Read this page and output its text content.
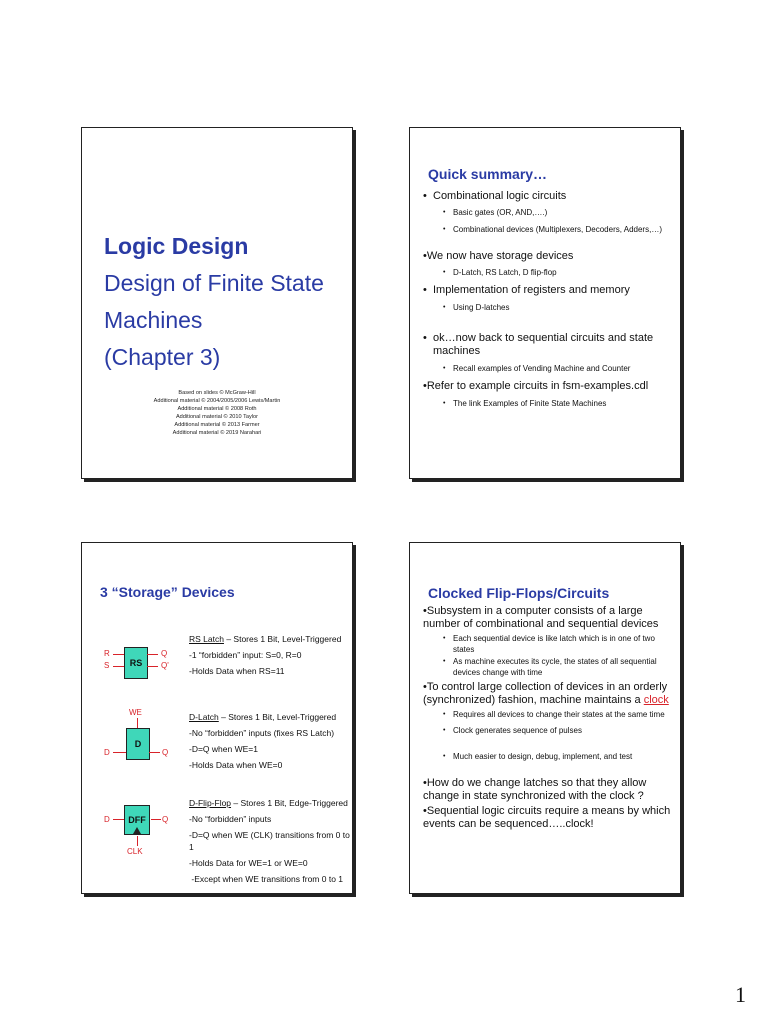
Logic Design
Design of Finite State
Machines
(Chapter 3)
Based on slides © McGraw-Hill
Additional material © 2004/2005/2006 Lewis/Martin
Additional material © 2008 Roth
Additional material © 2010 Taylor
Additional material © 2013 Farmer
Additional material © 2019 Narahari
Quick summary…
• Combinational logic circuits
• Basic gates (OR, AND,….)
• Combinational devices (Multiplexers, Decoders, Adders,…)
•We now have storage devices
• D-Latch, RS Latch, D flip-flop
• Implementation of registers and memory
• Using D-latches
• ok…now back to sequential circuits and state machines
• Recall examples of Vending Machine and Counter
•Refer to example circuits in fsm-examples.cdl
• The link Examples of Finite State Machines
3 “Storage” Devices
RS
R
S
Q
Q'
RS Latch – Stores 1 Bit, Level-Triggered
-1 “forbidden” input: S=0, R=0
-Holds Data when RS=11
WE
D
D	Q
D-Latch – Stores 1 Bit, Level-Triggered
-No “forbidden” inputs (fixes RS Latch)
-D=Q when WE=1
-Holds Data when WE=0
DFF
D	Q
CLK
D-Flip-Flop – Stores 1 Bit, Edge-Triggered
-No “forbidden” inputs
-D=Q when WE (CLK) transitions from 0 to 1
-Holds Data for WE=1 or WE=0
-Except when WE transitions from 0 to 1
Clocked Flip-Flops/Circuits
•Subsystem in a computer consists of a large number of combinational and sequential devices
• Each sequential device is like latch which is in one of two states
• As machine executes its cycle, the states of all sequential devices change with time
•To control large collection of devices in an orderly (synchronized) fashion, machine maintains a clock
• Requires all devices to change their states at the same time
• Clock generates sequence of pulses
• Much easier to design, debug, implement, and test
•How do we change latches so that they allow change in state synchronized with the clock ?
•Sequential logic circuits require a means by which events can be sequenced…..clock!
1
